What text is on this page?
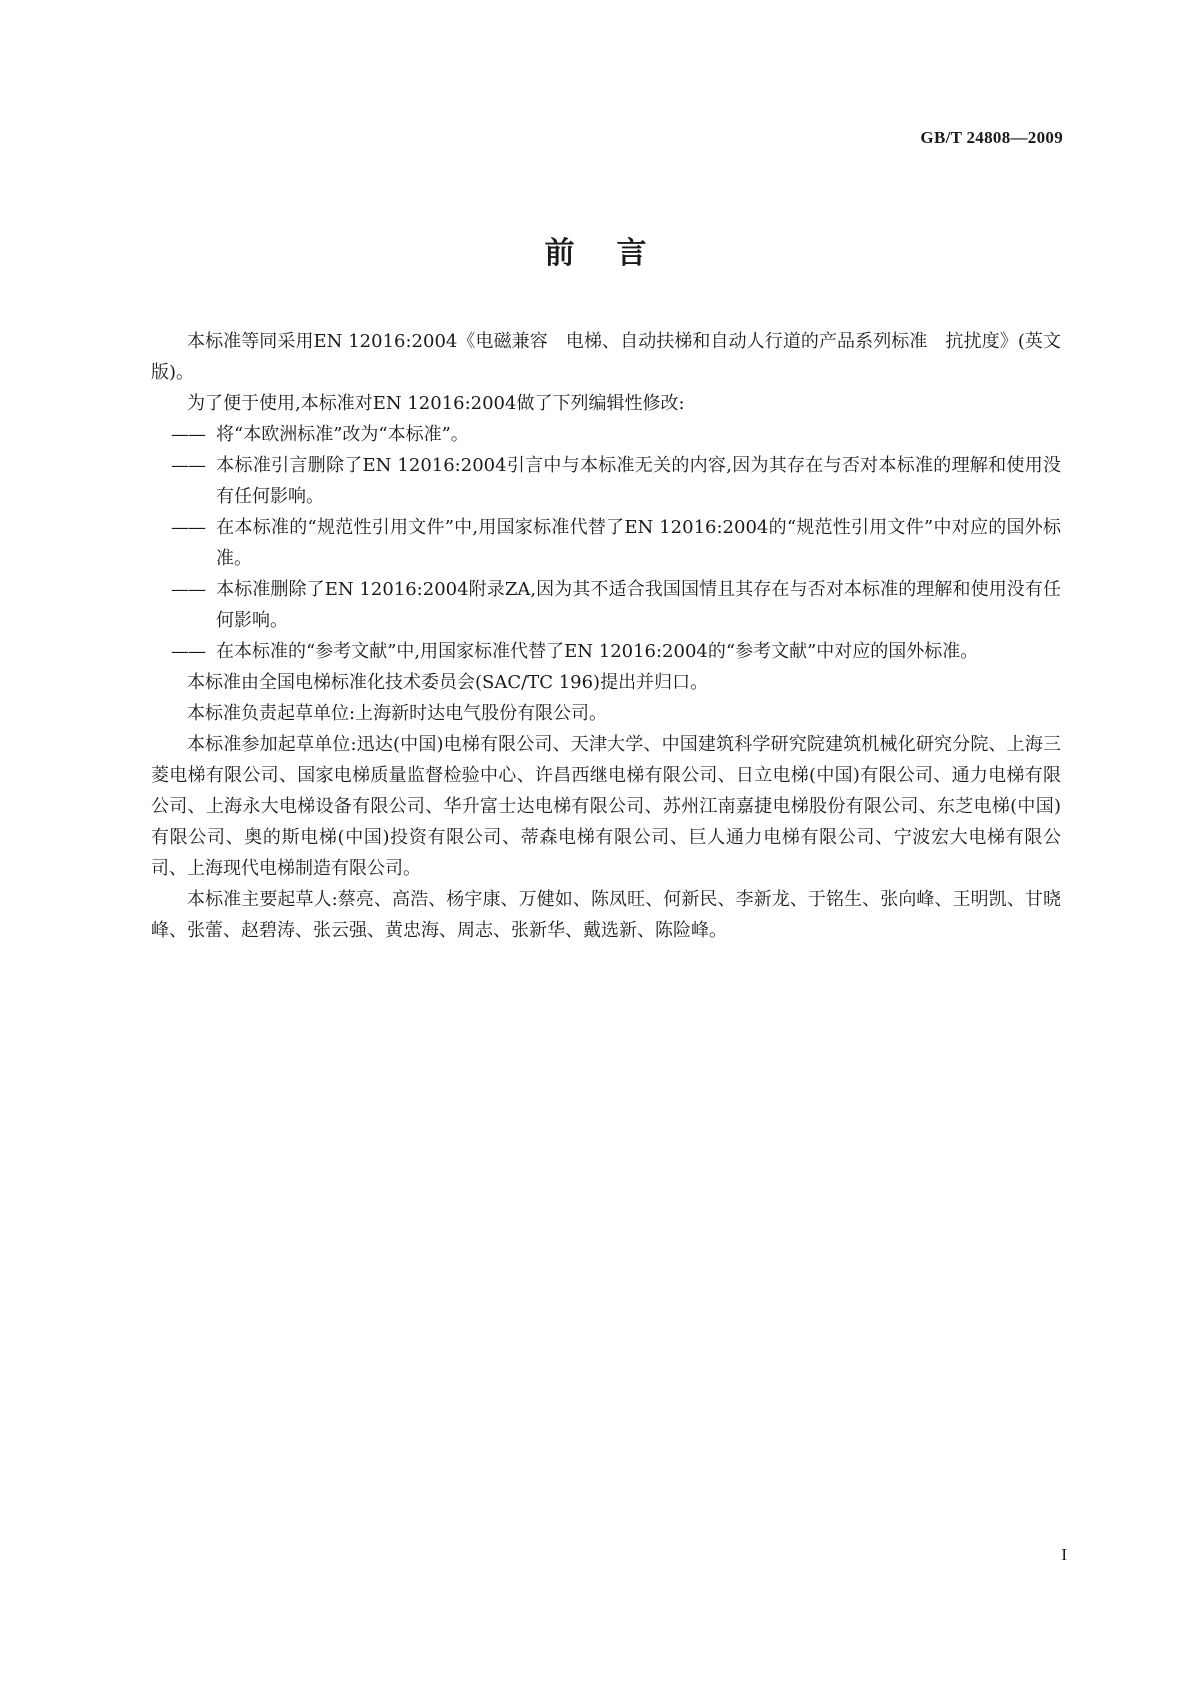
GB/T 24808—2009
前言

本标准等同采用EN 12016:2004《电磁兼容　电梯、自动扶梯和自动人行道的产品系列标准　抗扰度》(英文版)。

为了便于使用,本标准对EN 12016:2004做了下列编辑性修改:

—— 将“本欧洲标准”改为“本标准”。

—— 本标准引言删除了EN 12016:2004引言中与本标准无关的内容,因为其存在与否对本标准的理解和使用没有任何影响。

—— 在本标准的“规范性引用文件”中,用国家标准代替了EN 12016:2004的“规范性引用文件”中对应的国外标准。

—— 本标准删除了EN 12016:2004附录ZA,因为其不适合我国国情且其存在与否对本标准的理解和使用没有任何影响。

—— 在本标准的“参考文献”中,用国家标准代替了EN 12016:2004的“参考文献”中对应的国外标准。

本标准由全国电梯标准化技术委员会(SAC/TC 196)提出并归口。

本标准负责起草单位:上海新时达电气股份有限公司。

本标准参加起草单位:迅达(中国)电梯有限公司、天津大学、中国建筑科学研究院建筑机械化研究分院、上海三菱电梯有限公司、国家电梯质量监督检验中心、许昌西继电梯有限公司、日立电梯(中国)有限公司、通力电梯有限公司、上海永大电梯设备有限公司、华升富士达电梯有限公司、苏州江南嘉捷电梯股份有限公司、东芝电梯(中国)有限公司、奥的斯电梯(中国)投资有限公司、蒂森电梯有限公司、巨人通力电梯有限公司、宁波宏大电梯有限公司、上海现代电梯制造有限公司。

本标准主要起草人:蔡亮、高浩、杨宇康、万健如、陈凤旺、何新民、李新龙、于铭生、张向峰、王明凯、甘晓峰、张蕾、赵碧涛、张云强、黄忠海、周志、张新华、戴选新、陈险峰。

I
